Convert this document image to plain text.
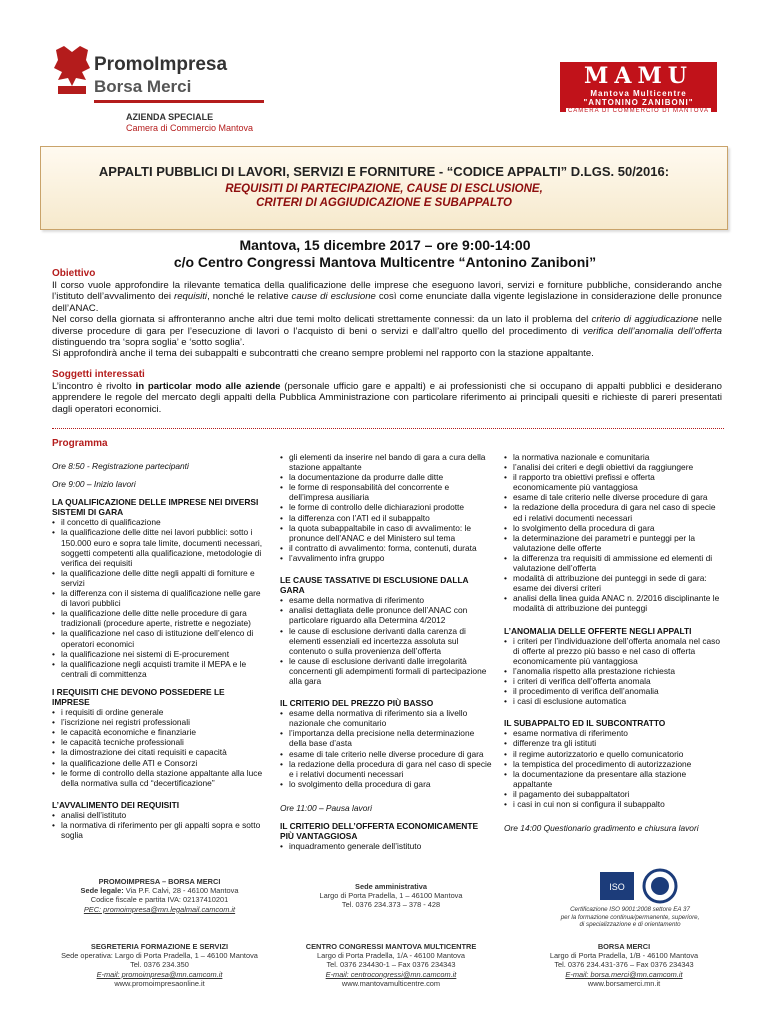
PromoImpresa
Borsa Merci
AZIENDA SPECIALE
Camera di Commercio Mantova
MAMU
Mantova Multicentre
"ANTONINO ZANIBONI"
CAMERA DI COMMERCIO DI MANTOVA
APPALTI PUBBLICI DI LAVORI, SERVIZI E FORNITURE - “CODICE APPALTI” D.LGS. 50/2016:
REQUISITI DI PARTECIPAZIONE, CAUSE DI ESCLUSIONE,
CRITERI DI AGGIUDICAZIONE E SUBAPPALTO
Mantova, 15 dicembre 2017 – ore 9:00-14:00
c/o Centro Congressi Mantova Multicentre “Antonino Zaniboni”
Obiettivo
Il corso vuole approfondire la rilevante tematica della qualificazione delle imprese che eseguono lavori, servizi e forniture pubbliche, considerando anche l’istituto dell’avvalimento dei requisiti, nonché le relative cause di esclusione così come enunciate dalla vigente legislazione in considerazione delle pronunce dell’ANAC.
Nel corso della giornata si affronteranno anche altri due temi molto delicati strettamente connessi: da un lato il problema del criterio di aggiudicazione nelle diverse procedure di gara per l’esecuzione di lavori o l’acquisto di beni o servizi e dall’altro quello del procedimento di verifica dell’anomalia dell’offerta distinguendo tra ‘sopra soglia’ e ‘sotto soglia’.
Si approfondirà anche il tema dei subappalti e subcontratti che creano sempre problemi nel rapporto con la stazione appaltante.
Soggetti interessati
L’incontro è rivolto in particolar modo alle aziende (personale ufficio gare e appalti) e ai professionisti che si occupano di appalti pubblici e desiderano apprendere le regole del mercato degli appalti della Pubblica Amministrazione con particolare riferimento ai principali quesiti e richieste di pareri presentati dagli operatori economici.
Programma
Ore 8:50 - Registrazione partecipanti
Ore 9:00 – Inizio lavori
LA QUALIFICAZIONE DELLE IMPRESE NEI DIVERSI SISTEMI DI GARA
• il concetto di qualificazione
• la qualificazione delle ditte nei lavori pubblici: sotto i 150.000 euro e sopra tale limite, documenti necessari, soggetti competenti alla qualificazione, metodologie di verifica dei requisiti
• la qualificazione delle ditte negli appalti di forniture e servizi
• la differenza con il sistema di qualificazione nelle gare di lavori pubblici
• la qualificazione delle ditte nelle procedure di gara tradizionali (procedure aperte, ristrette e negoziate)
• la qualificazione nel caso di istituzione dell’elenco di operatori economici
• la qualificazione nei sistemi di E-procurement
• la qualificazione negli acquisti tramite il MEPA e le centrali di committenza
I REQUISITI CHE DEVONO POSSEDERE LE IMPRESE
• i requisiti di ordine generale
• l’iscrizione nei registri professionali
• le capacità economiche e finanziarie
• le capacità tecniche professionali
• la dimostrazione dei citati requisiti e capacità
• la qualificazione delle ATI e Consorzi
• le forme di controllo della stazione appaltante alla luce della normativa sulla cd “decertificazione”
L’AVVALIMENTO DEI REQUISITI
• analisi dell’istituto
• la normativa di riferimento per gli appalti sopra e sotto soglia
• gli elementi da inserire nel bando di gara a cura della stazione appaltante
• la documentazione da produrre dalle ditte
• le forme di responsabilità del concorrente e dell’impresa ausiliaria
• le forme di controllo delle dichiarazioni prodotte
• la differenza con l’ATI ed il subappalto
• la quota subappaltabile in caso di avvalimento: le pronunce dell’ANAC e del Ministero sul tema
• il contratto di avvalimento: forma, contenuti, durata
• l’avvalimento infra gruppo
LE CAUSE TASSATIVE DI ESCLUSIONE DALLA GARA
• esame della normativa di riferimento
• analisi dettagliata delle pronunce dell’ANAC con particolare riguardo alla Determina 4/2012
• le cause di esclusione derivanti dalla carenza di elementi essenziali ed incertezza assoluta sul contenuto o sulla provenienza dell’offerta
• le cause di esclusione derivanti dalle irregolarità concernenti gli adempimenti formali di partecipazione alla gara
IL CRITERIO DEL PREZZO PIÙ BASSO
• esame della normativa di riferimento sia a livello nazionale che comunitario
• l’importanza della precisione nella determinazione della base d’asta
• esame di tale criterio nelle diverse procedure di gara
• la redazione della procedura di gara nel caso di specie e i relativi documenti necessari
• lo svolgimento della procedura di gara
Ore 11:00 – Pausa lavori
IL CRITERIO DELL’OFFERTA ECONOMICAMENTE PIÙ VANTAGGIOSA
• inquadramento generale dell’istituto
• la normativa nazionale e comunitaria
• l’analisi dei criteri e degli obiettivi da raggiungere
• il rapporto tra obiettivi prefissi e offerta economicamente più vantaggiosa
• esame di tale criterio nelle diverse procedure di gara
• la redazione della procedura di gara nel caso di specie ed i relativi documenti necessari
• lo svolgimento della procedura di gara
• la determinazione dei parametri e punteggi per la valutazione delle offerte
• la differenza tra requisiti di ammissione ed elementi di valutazione dell’offerta
• modalità di attribuzione dei punteggi in sede di gara: esame dei diversi criteri
• analisi della linea guida ANAC n. 2/2016 disciplinante le modalità di attribuzione dei punteggi
L’ANOMALIA DELLE OFFERTE NEGLI APPALTI
• i criteri per l’individuazione dell’offerta anomala nel caso di offerte al prezzo più basso e nel caso di offerta economicamente più vantaggiosa
• l’anomalia rispetto alla prestazione richiesta
• i criteri di verifica dell’offerta anomala
• il procedimento di verifica dell’anomalia
• i casi di esclusione automatica
IL SUBAPPALTO ED IL SUBCONTRATTO
• esame normativa di riferimento
• differenze tra gli istituti
• il regime autorizzatorio e quello comunicatorio
• la tempistica del procedimento di autorizzazione
• la documentazione da presentare alla stazione appaltante
• il pagamento dei subappaltatori
• i casi in cui non si configura il subappalto
Ore 14:00 Questionario gradimento e chiusura lavori
PROMOIMPRESA – BORSA MERCI
Sede legale: Via P.F. Calvi, 28 - 46100 Mantova
Codice fiscale e partita IVA: 02137410201
PEC: promoimpresa@mn.legalmail.camcom.it
Sede amministrativa
Largo di Porta Pradella, 1 – 46100 Mantova
Tel. 0376 234.373 – 378 - 428
ISO
Certificazione ISO 9001:2008 settore EA 37
per la formazione continua/permanente, superiore,
di specializzazione e di orientamento
SEGRETERIA FORMAZIONE E SERVIZI
Sede operativa: Largo di Porta Pradella, 1 – 46100 Mantova
Tel. 0376 234.350
E-mail: promoimpresa@mn.camcom.it
www.promoimpresaonline.it
CENTRO CONGRESSI MANTOVA MULTICENTRE
Largo di Porta Pradella, 1/A - 46100 Mantova
Tel. 0376 234430-1 – Fax 0376 234343
E-mail: centrocongressi@mn.camcom.it
www.mantovamulticentre.com
BORSA MERCI
Largo di Porta Pradella, 1/B - 46100 Mantova
Tel. 0376 234.431-376 – Fax 0376 234343
E-mail: borsa.merci@mn.camcom.it
www.borsamerci.mn.it
